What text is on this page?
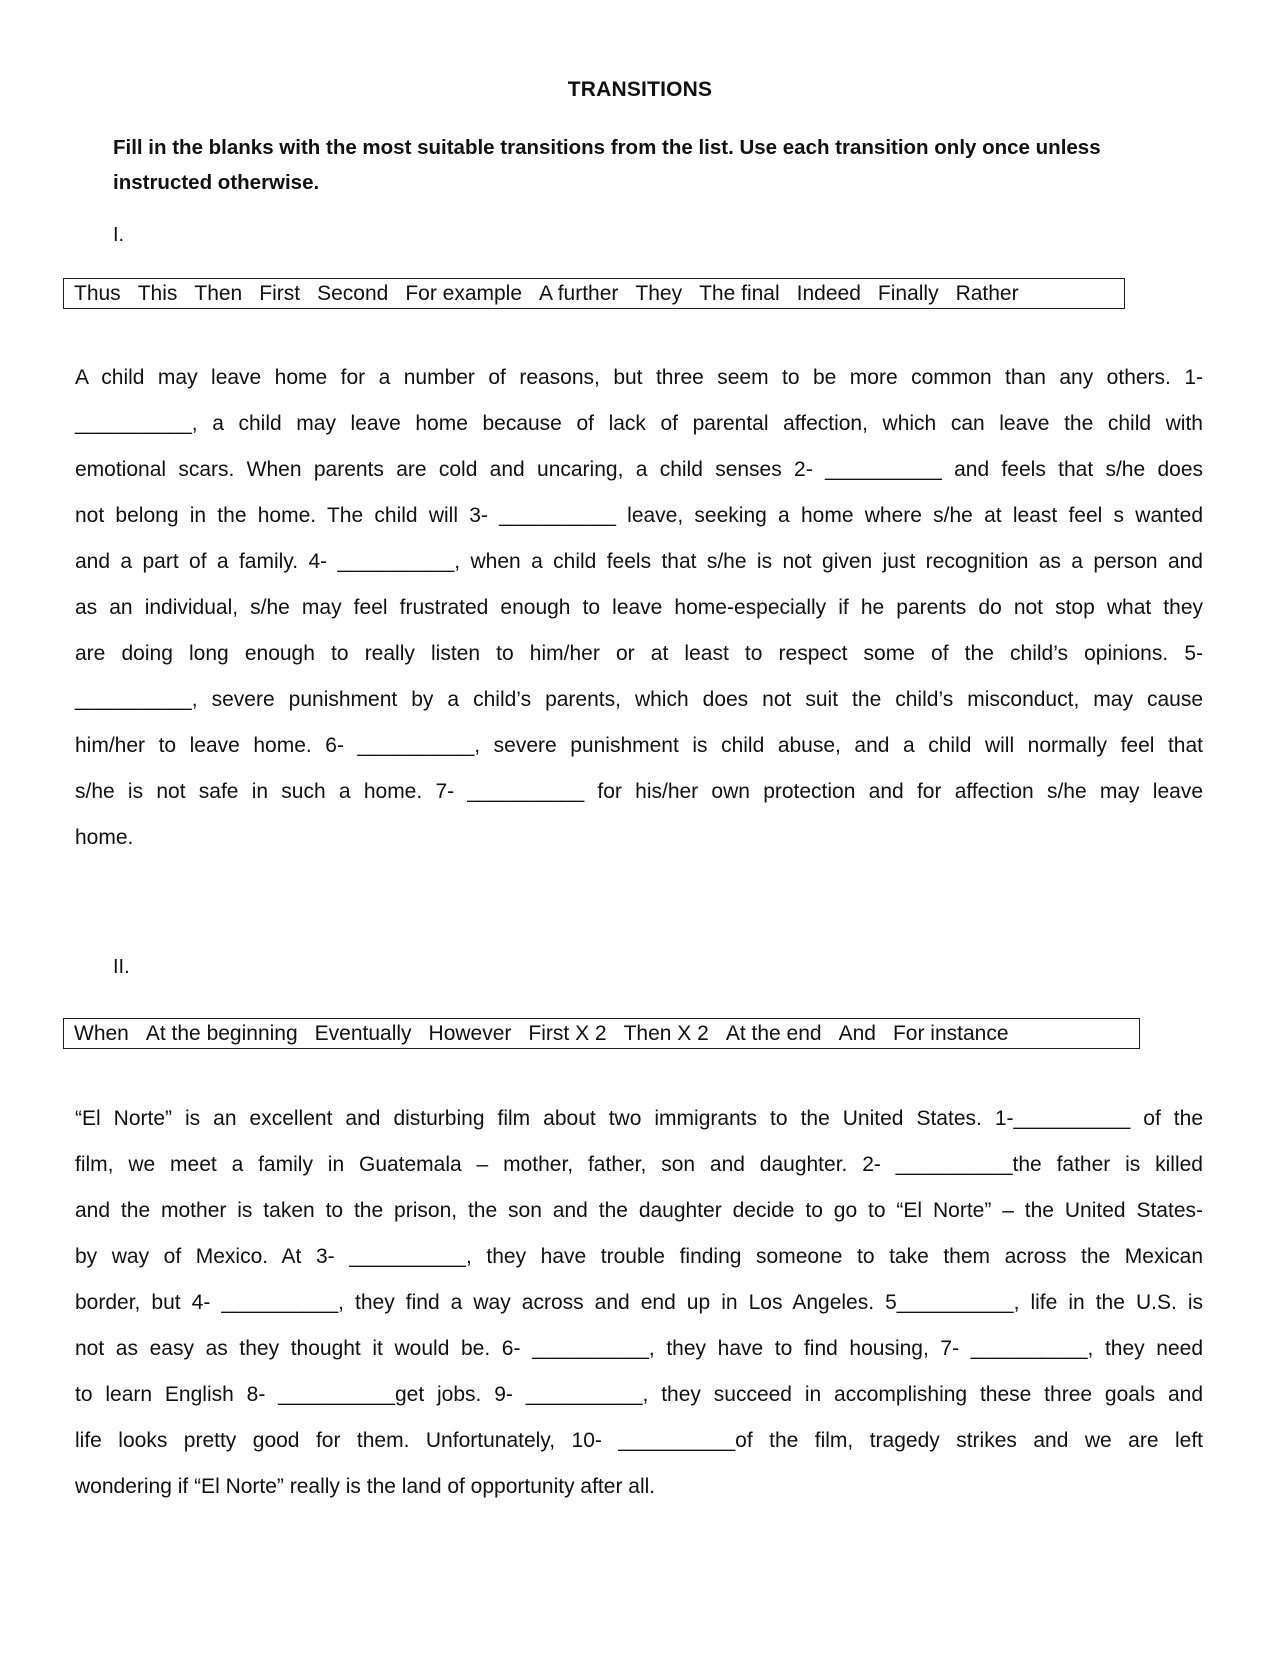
TRANSITIONS
Fill in the blanks with the most suitable transitions from the list. Use each transition only once unless instructed otherwise.
I.
Thus This Then First Second For example A further They The final Indeed Finally Rather
A child may leave home for a number of reasons, but three seem to be more common than any others. 1-
__________, a child may leave home because of lack of parental affection, which can leave the child with
emotional scars. When parents are cold and uncaring, a child senses 2- __________ and feels that s/he does
not belong in the home. The child will 3- __________ leave, seeking a home where s/he at least feel s wanted
and a part of a family. 4- __________, when a child feels that s/he is not given just recognition as a person and
as an individual, s/he may feel frustrated enough to leave home-especially if he parents do not stop what they
are doing long enough to really listen to him/her or at least to respect some of the child’s opinions. 5-
__________, severe punishment by a child’s parents, which does not suit the child’s misconduct, may cause
him/her to leave home. 6- __________, severe punishment is child abuse, and a child will normally feel that
s/he is not safe in such a home. 7- __________ for his/her own protection and for affection s/he may leave
home.
II.
When At the beginning Eventually However First X 2 Then X 2 At the end And For instance
“El Norte” is an excellent and disturbing film about two immigrants to the United States. 1-__________ of the
film, we meet a family in Guatemala – mother, father, son and daughter. 2- __________the father is killed
and the mother is taken to the prison, the son and the daughter decide to go to “El Norte” – the United States-
by way of Mexico. At 3- __________, they have trouble finding someone to take them across the Mexican
border, but 4- __________, they find a way across and end up in Los Angeles. 5__________, life in the U.S. is
not as easy as they thought it would be. 6- __________, they have to find housing, 7- __________, they need
to learn English 8- __________get jobs. 9- __________, they succeed in accomplishing these three goals and
life looks pretty good for them. Unfortunately, 10- __________of the film, tragedy strikes and we are left
wondering if “El Norte” really is the land of opportunity after all.
